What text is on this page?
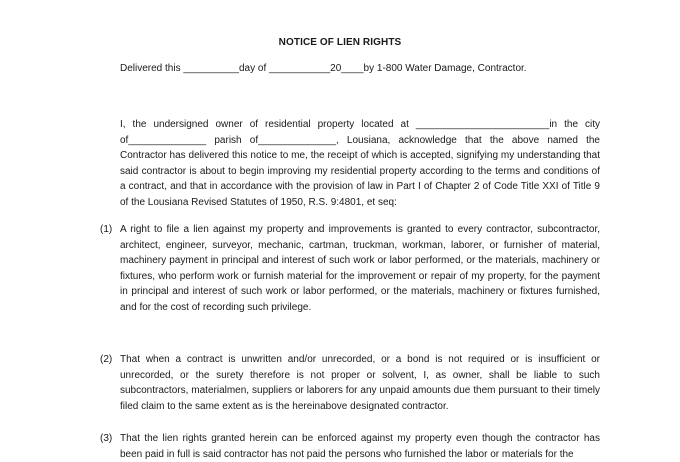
NOTICE OF LIEN RIGHTS
Delivered this __________day of ___________20____by 1-800 Water Damage, Contractor.
I, the undersigned owner of residential property located at ________________________in the city of______________ parish of______________, Lousiana, acknowledge that the above named the Contractor has delivered this notice to me, the receipt of which is accepted, signifying my understanding that said contractor is about to begin improving my residential property according to the terms and conditions of a contract, and that in accordance with the provision of law in Part I of Chapter 2 of Code Title XXI of Title 9 of the Lousiana Revised Statutes of 1950, R.S. 9:4801, et seq:
(1) A right to file a lien against my property and improvements is granted to every contractor, subcontractor, architect, engineer, surveyor, mechanic, cartman, truckman, workman, laborer, or furnisher of material, machinery payment in principal and interest of such work or labor performed, or the materials, machinery or fixtures, who perform work or furnish material for the improvement or repair of my property, for the payment in principal and interest of such work or labor performed, or the materials, machinery or fixtures furnished, and for the cost of recording such privilege.
(2) That when a contract is unwritten and/or unrecorded, or a bond is not required or is insufficient or unrecorded, or the surety therefore is not proper or solvent, I, as owner, shall be liable to such subcontractors, materialmen, suppliers or laborers for any unpaid amounts due them pursuant to their timely filed claim to the same extent as is the hereinabove designated contractor.
(3) That the lien rights granted herein can be enforced against my property even though the contractor has been paid in full is said contractor has not paid the persons who furnished the labor or materials for the
